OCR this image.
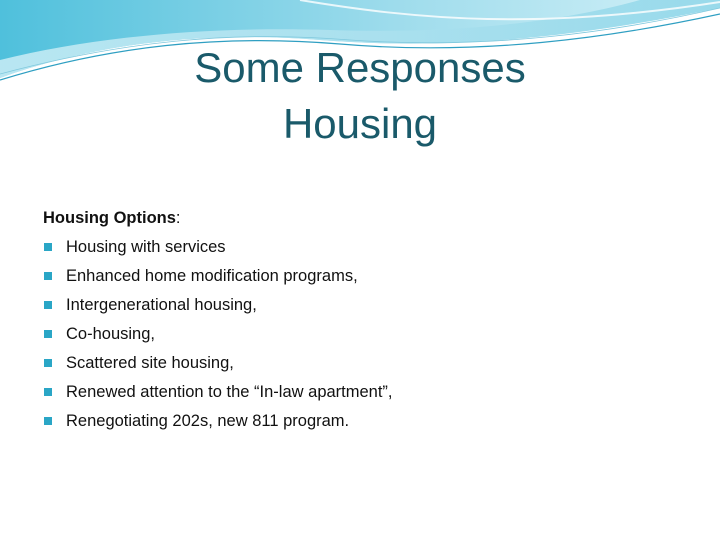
Some Responses
Housing
Housing Options:
Housing with services
Enhanced home modification programs,
Intergenerational housing,
Co-housing,
Scattered site housing,
Renewed attention to the “In-law apartment”,
Renegotiating 202s, new 811 program.
